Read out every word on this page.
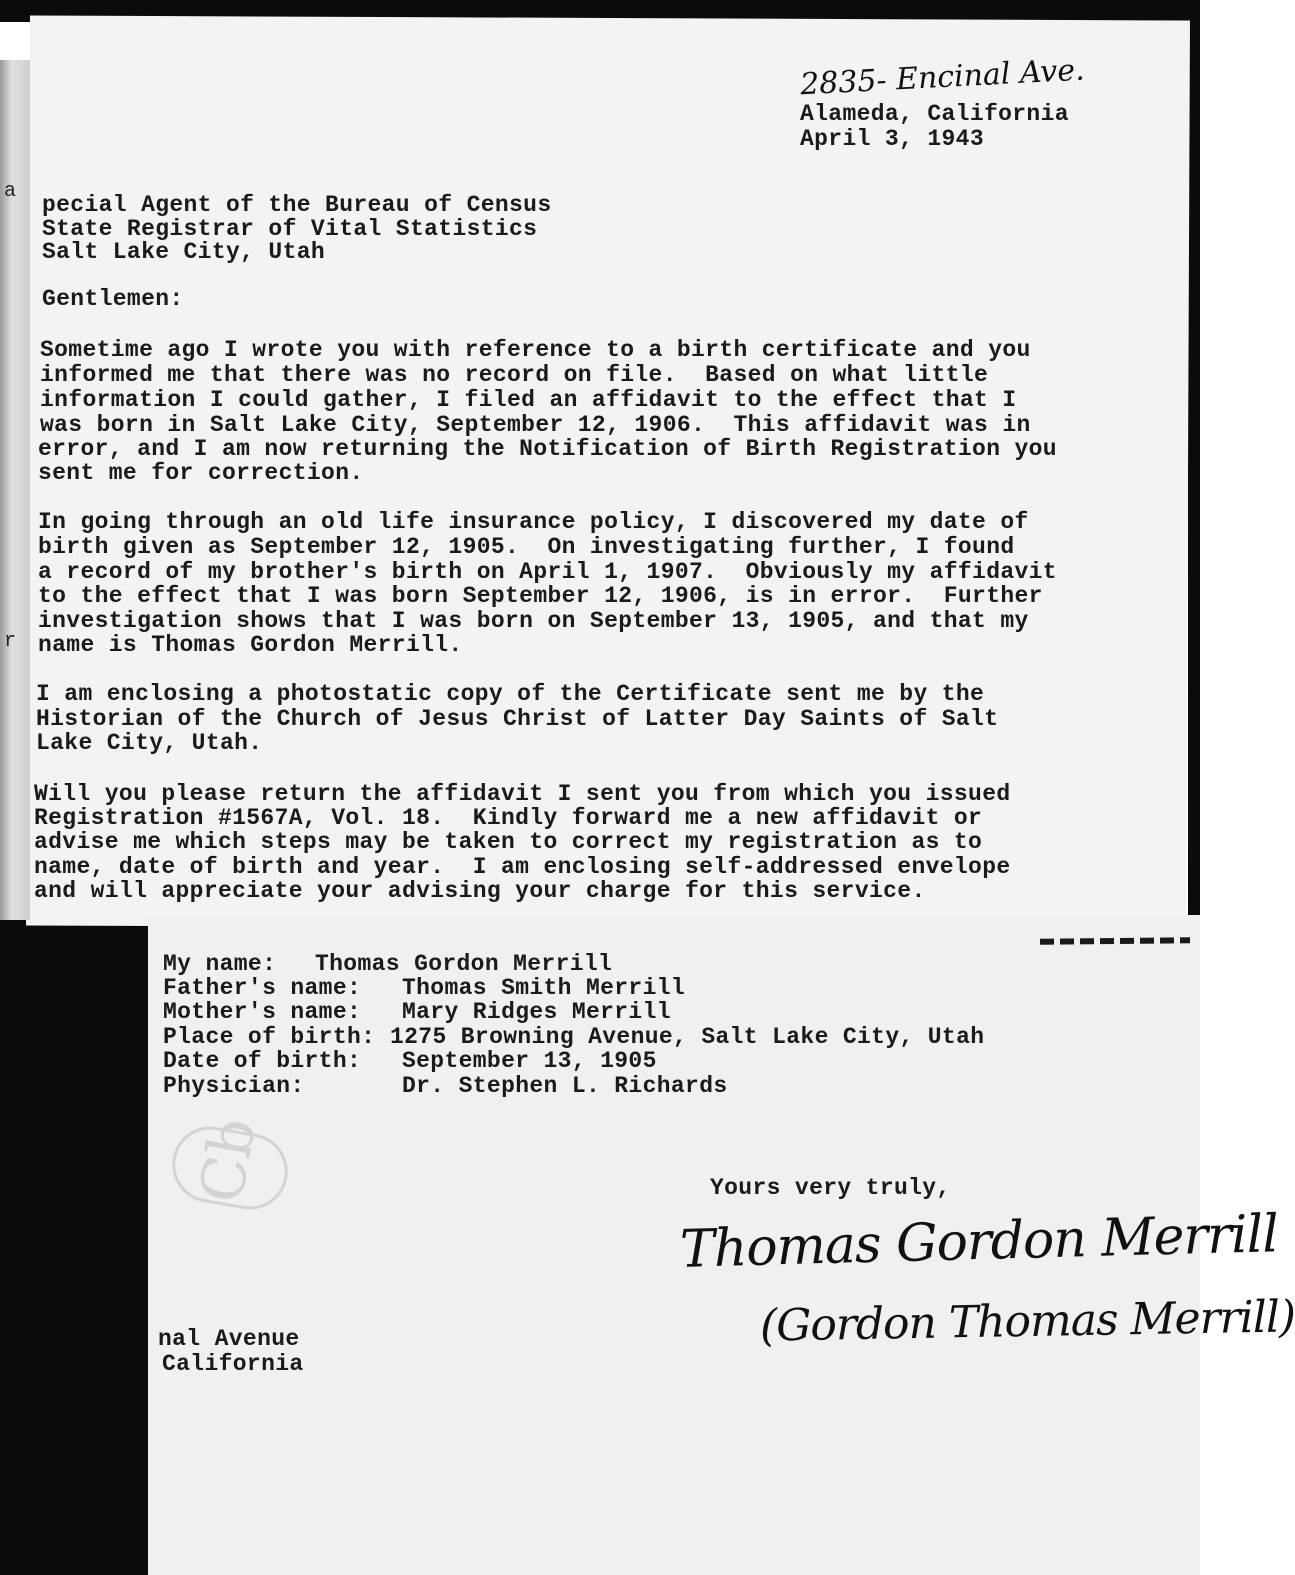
a
r
2835- Encinal Ave.
Alameda, California
April 3, 1943
pecial Agent of the Bureau of Census
State Registrar of Vital Statistics
Salt Lake City, Utah
Gentlemen:
Sometime ago I wrote you with reference to a birth certificate and you
informed me that there was no record on file.  Based on what little
information I could gather, I filed an affidavit to the effect that I
was born in Salt Lake City, September 12, 1906.  This affidavit was in
error, and I am now returning the Notification of Birth Registration you
sent me for correction.
In going through an old life insurance policy, I discovered my date of
birth given as September 12, 1905.  On investigating further, I found
a record of my brother's birth on April 1, 1907.  Obviously my affidavit
to the effect that I was born September 12, 1906, is in error.  Further
investigation shows that I was born on September 13, 1905, and that my
name is Thomas Gordon Merrill.
I am enclosing a photostatic copy of the Certificate sent me by the
Historian of the Church of Jesus Christ of Latter Day Saints of Salt
Lake City, Utah.
Will you please return the affidavit I sent you from which you issued
Registration #1567A, Vol. 18.  Kindly forward me a new affidavit or
advise me which steps may be taken to correct my registration as to
name, date of birth and year.  I am enclosing self-addressed envelope
and will appreciate your advising your charge for this service.
My name: Thomas Gordon Merrill
Father's name: Thomas Smith Merrill
Mother's name: Mary Ridges Merrill
Place of birth: 1275 Browning Avenue, Salt Lake City, Utah
Date of birth: September 13, 1905
Physician:	Dr. Stephen L. Richards
Cb	Yours very truly,
Thomas Gordon Merrill
(Gordon Thomas Merrill)
nal Avenue
California
